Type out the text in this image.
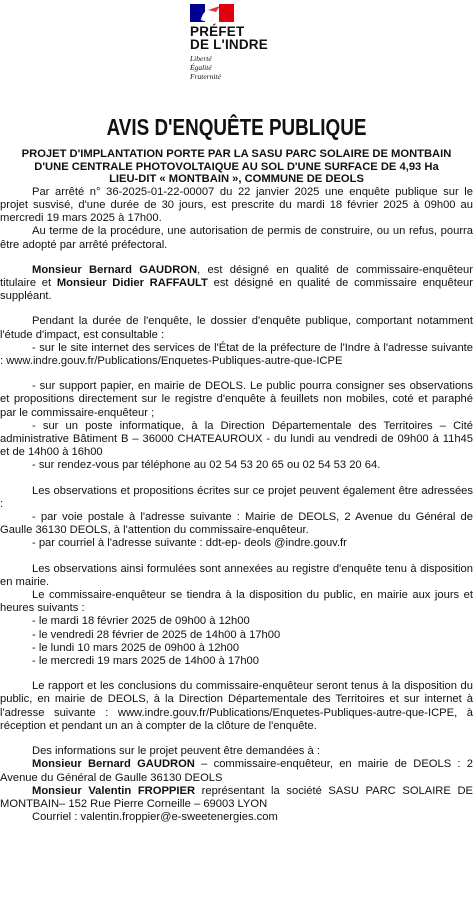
PRÉFET
DE L'INDRE
Liberté
Égalité
Fraternité
AVIS D'ENQUÊTE PUBLIQUE

PROJET D'IMPLANTATION PORTE PAR LA SASU PARC SOLAIRE DE MONTBAIN

D'UNE CENTRALE PHOTOVOLTAIQUE AU SOL D'UNE SURFACE DE 4,93 Ha

LIEU-DIT « MONTBAIN », COMMUNE DE DEOLS

Par arrêté n° 36-2025-01-22-00007 du 22 janvier 2025 une enquête publique sur le projet susvisé, d'une durée de 30 jours, est prescrite du mardi 18 février 2025 à 09h00 au mercredi 19 mars 2025 à 17h00.

Au terme de la procédure, une autorisation de permis de construire, ou un refus, pourra être adopté par arrêté préfectoral.

Monsieur Bernard GAUDRON, est désigné en qualité de commissaire-enquêteur titulaire et Monsieur Didier RAFFAULT est désigné en qualité de commissaire enquêteur suppléant.

Pendant la durée de l'enquête, le dossier d'enquête publique, comportant notamment l'étude d'impact, est consultable :

- sur le site internet des services de l'État de la préfecture de l'Indre à l'adresse suivante : www.indre.gouv.fr/Publications/Enquetes-Publiques-autre-que-ICPE

- sur support papier, en mairie de DEOLS. Le public pourra consigner ses observations et propositions directement sur le registre d'enquête à feuillets non mobiles, coté et paraphé par le commissaire-enquêteur ;

- sur un poste informatique, à la Direction Départementale des Territoires – Cité administrative Bâtiment B – 36000 CHATEAUROUX - du lundi au vendredi de 09h00 à 11h45 et de 14h00 à 16h00

- sur rendez-vous par téléphone au 02 54 53 20 65 ou 02 54 53 20 64.

Les observations et propositions écrites sur ce projet peuvent également être adressées :

- par voie postale à l'adresse suivante : Mairie de DEOLS, 2 Avenue du Général de Gaulle 36130 DEOLS, à l'attention du commissaire-enquêteur.

- par courriel à l'adresse suivante : ddt-ep- deols @indre.gouv.fr

Les observations ainsi formulées sont annexées au registre d'enquête tenu à disposition en mairie.

Le commissaire-enquêteur se tiendra à la disposition du public, en mairie aux jours et heures suivants :

- le mardi 18 février 2025 de 09h00 à 12h00

- le vendredi 28 février de 2025 de 14h00 à 17h00

- le lundi 10 mars 2025 de 09h00 à 12h00

- le mercredi 19 mars 2025 de 14h00 à 17h00

Le rapport et les conclusions du commissaire-enquêteur seront tenus à la disposition du public, en mairie de DEOLS, à la Direction Départementale des Territoires et sur internet à l'adresse suivante : www.indre.gouv.fr/Publications/Enquetes-Publiques-autre-que-ICPE, à réception et pendant un an à compter de la clôture de l'enquête.

Des informations sur le projet peuvent être demandées à :

Monsieur Bernard GAUDRON – commissaire-enquêteur, en mairie de DEOLS : 2 Avenue du Général de Gaulle 36130 DEOLS

Monsieur Valentin FROPPIER représentant la société SASU PARC SOLAIRE DE MONTBAIN– 152 Rue Pierre Corneille – 69003 LYON

Courriel : valentin.froppier@e-sweetenergies.com
